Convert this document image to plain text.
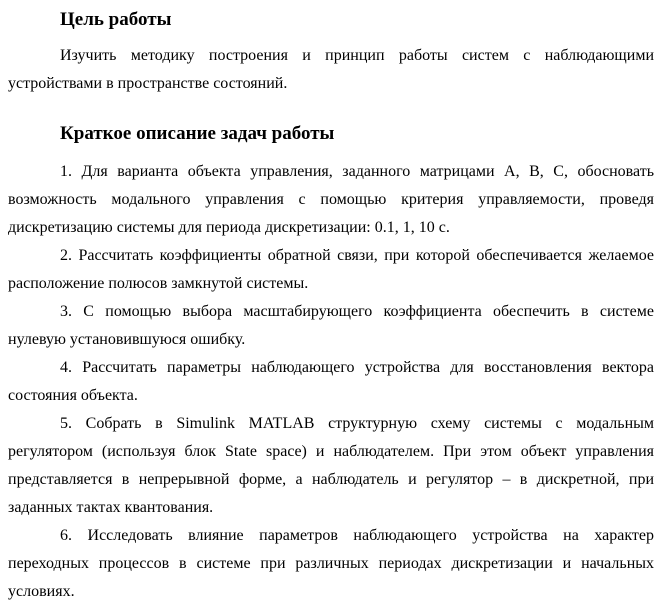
Цель работы

Изучить методику построения и принцип работы систем с наблюдающими устройствами в пространстве состояний.

Краткое описание задач работы

1. Для варианта объекта управления, заданного матрицами A, B, C, обосновать возможность модального управления с помощью критерия управляемости, проведя дискретизацию системы для периода дискретизации: 0.1, 1, 10 с.

2. Рассчитать коэффициенты обратной связи, при которой обеспечивается желаемое расположение полюсов замкнутой системы.

3. С помощью выбора масштабирующего коэффициента обеспечить в системе нулевую установившуюся ошибку.

4. Рассчитать параметры наблюдающего устройства для восстановления вектора состояния объекта.

5. Собрать в Simulink MATLAB структурную схему системы с модальным регулятором (используя блок State space) и наблюдателем. При этом объект управления представляется в непрерывной форме, а наблюдатель и регулятор – в дискретной, при заданных тактах квантования.

6. Исследовать влияние параметров наблюдающего устройства на характер переходных процессов в системе при различных периодах дискретизации и начальных условиях.
